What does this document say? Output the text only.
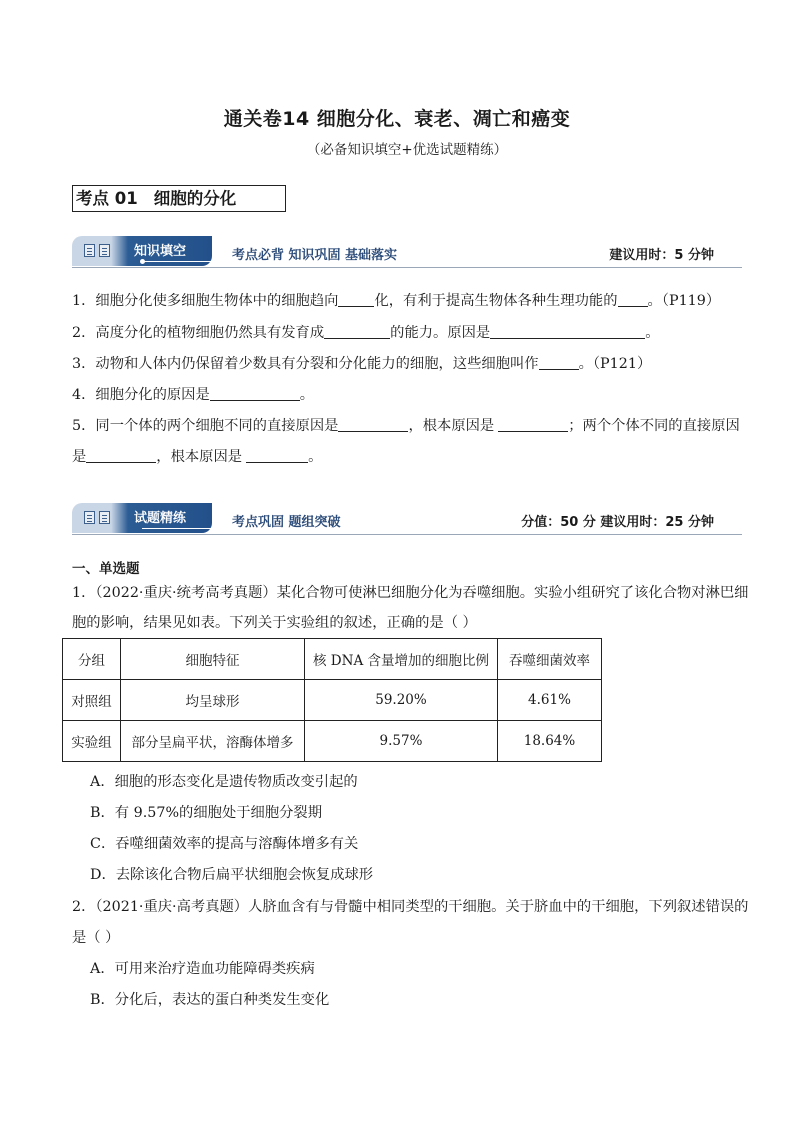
通关卷14 细胞分化、衰老、凋亡和癌变
（必备知识填空+优选试题精练）
考点 01 细胞的分化
知识填空	考点必背 知识巩固 基础落实	建议用时：5 分钟
1．细胞分化使多细胞生物体中的细胞趋向	化，有利于提高生物体各种生理功能的 。（P119）
2．高度分化的植物细胞仍然具有发育成	的能力。原因是	。
3．动物和人体内仍保留着少数具有分裂和分化能力的细胞，这些细胞叫作	。（P121）
4．细胞分化的原因是	。
5．同一个体的两个细胞不同的直接原因是	，根本原因是	；两个个体不同的直接原因
是	，根本原因是	。
试题精练	考点巩固 题组突破	分值：50 分 建议用时：25 分钟
一、单选题
1．（2022·重庆·统考高考真题）某化合物可使淋巴细胞分化为吞噬细胞。实验小组研究了该化合物对淋巴细
胞的影响，结果见如表。下列关于实验组的叙述，正确的是（ ）
分组	细胞特征	核 DNA 含量增加的细胞比例	吞噬细菌效率
对照组	均呈球形	59.20%	4.61%
实验组	部分呈扁平状，溶酶体增多	9.57%	18.64%
A．细胞的形态变化是遗传物质改变引起的
B．有 9.57%的细胞处于细胞分裂期
C．吞噬细菌效率的提高与溶酶体增多有关
D．去除该化合物后扁平状细胞会恢复成球形
2．（2021·重庆·高考真题）人脐血含有与骨髓中相同类型的干细胞。关于脐血中的干细胞，下列叙述错误的
是（ ）
A．可用来治疗造血功能障碍类疾病
B．分化后，表达的蛋白种类发生变化
